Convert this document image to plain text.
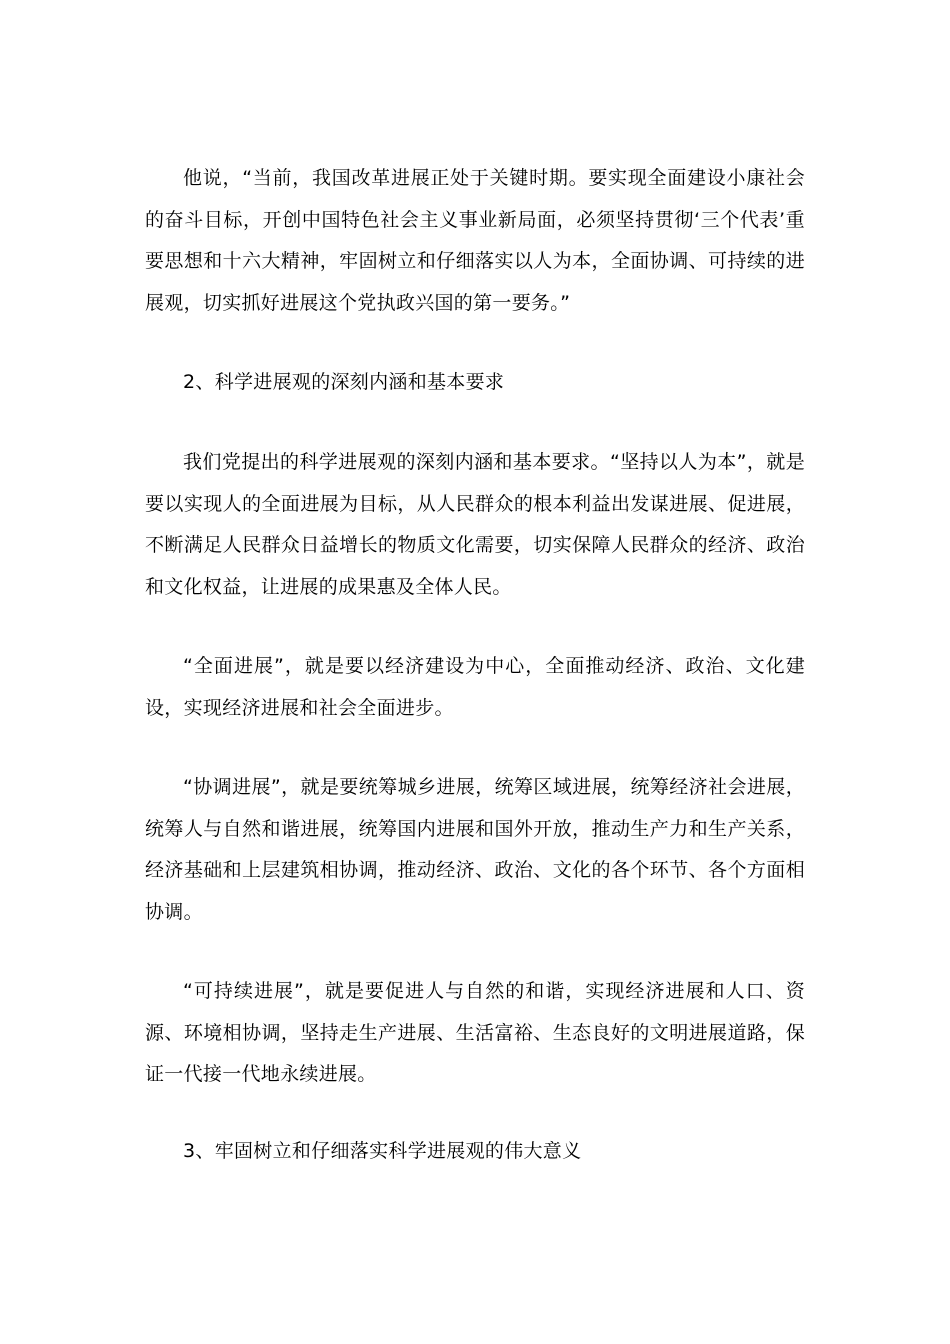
他说，“当前，我国改革进展正处于关键时期。要实现全面建设小康社会的奋斗目标，开创中国特色社会主义事业新局面，必须坚持贯彻‘三个代表’重要思想和十六大精神，牢固树立和仔细落实以人为本，全面协调、可持续的进展观，切实抓好进展这个党执政兴国的第一要务。”

2、科学进展观的深刻内涵和基本要求

我们党提出的科学进展观的深刻内涵和基本要求。“坚持以人为本”，就是要以实现人的全面进展为目标，从人民群众的根本利益出发谋进展、促进展，不断满足人民群众日益增长的物质文化需要，切实保障人民群众的经济、政治和文化权益，让进展的成果惠及全体人民。

“全面进展”，就是要以经济建设为中心，全面推动经济、政治、文化建设，实现经济进展和社会全面进步。

“协调进展”，就是要统筹城乡进展，统筹区域进展，统筹经济社会进展，统筹人与自然和谐进展，统筹国内进展和国外开放，推动生产力和生产关系，经济基础和上层建筑相协调，推动经济、政治、文化的各个环节、各个方面相协调。

“可持续进展”，就是要促进人与自然的和谐，实现经济进展和人口、资源、环境相协调，坚持走生产进展、生活富裕、生态良好的文明进展道路，保证一代接一代地永续进展。

3、牢固树立和仔细落实科学进展观的伟大意义
